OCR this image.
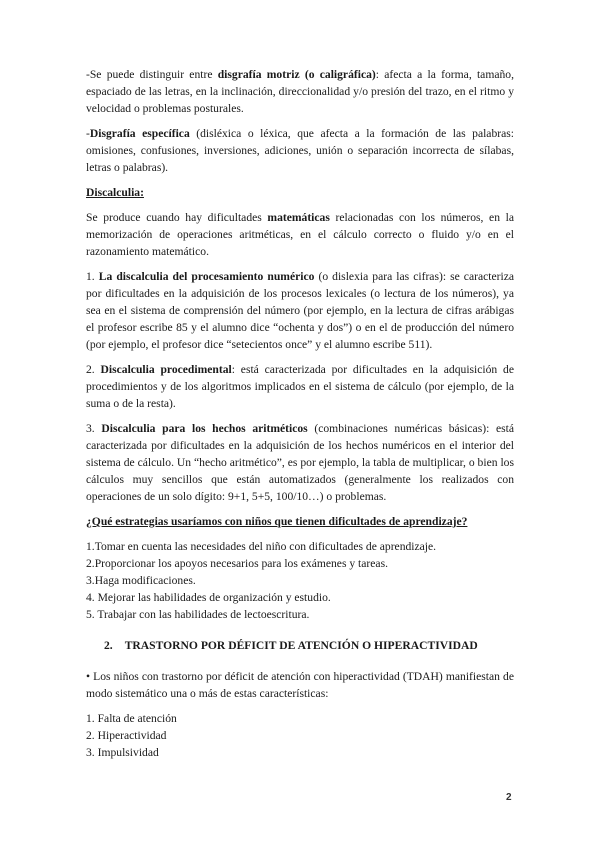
-Se puede distinguir entre disgrafía motriz (o caligráfica): afecta a la forma, tamaño, espaciado de las letras, en la inclinación, direccionalidad y/o presión del trazo, en el ritmo y velocidad o problemas posturales.

-Disgrafía específica (disléxica o léxica, que afecta a la formación de las palabras: omisiones, confusiones, inversiones, adiciones, unión o separación incorrecta de sílabas, letras o palabras).

Discalculia:

Se produce cuando hay dificultades matemáticas relacionadas con los números, en la memorización de operaciones aritméticas, en el cálculo correcto o fluido y/o en el razonamiento matemático.

1. La discalculia del procesamiento numérico (o dislexia para las cifras): se caracteriza por dificultades en la adquisición de los procesos lexicales (o lectura de los números), ya sea en el sistema de comprensión del número (por ejemplo, en la lectura de cifras arábigas el profesor escribe 85 y el alumno dice “ochenta y dos”) o en el de producción del número (por ejemplo, el profesor dice “setecientos once” y el alumno escribe 511).

2. Discalculia procedimental: está caracterizada por dificultades en la adquisición de procedimientos y de los algoritmos implicados en el sistema de cálculo (por ejemplo, de la suma o de la resta).

3. Discalculia para los hechos aritméticos (combinaciones numéricas básicas): está caracterizada por dificultades en la adquisición de los hechos numéricos en el interior del sistema de cálculo. Un “hecho aritmético”, es por ejemplo, la tabla de multiplicar, o bien los cálculos muy sencillos que están automatizados (generalmente los realizados con operaciones de un solo dígito: 9+1, 5+5, 100/10…) o problemas.

¿Qué estrategias usaríamos con niños que tienen dificultades de aprendizaje?

1.Tomar en cuenta las necesidades del niño con dificultades de aprendizaje.

2.Proporcionar los apoyos necesarios para los exámenes y tareas.

3.Haga modificaciones.

4. Mejorar las habilidades de organización y estudio.

5. Trabajar con las habilidades de lectoescritura.

2. TRASTORNO POR DÉFICIT DE ATENCIÓN O HIPERACTIVIDAD

• Los niños con trastorno por déficit de atención con hiperactividad (TDAH) manifiestan de modo sistemático una o más de estas características:

1. Falta de atención

2. Hiperactividad

3. Impulsividad

2
